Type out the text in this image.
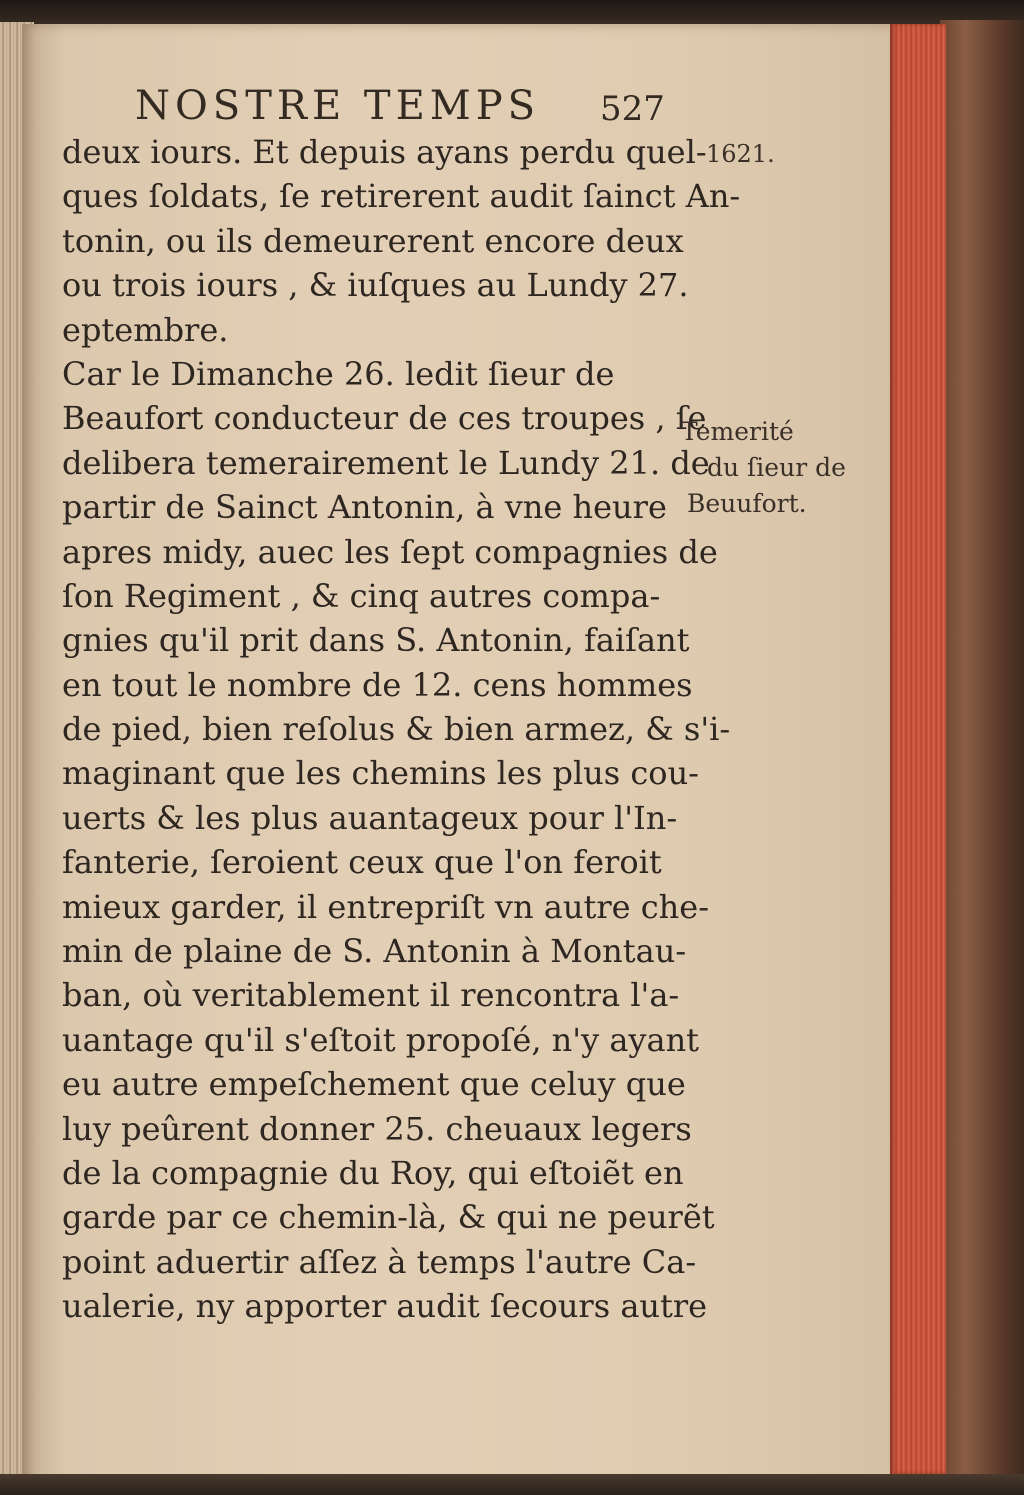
NOSTRE TEMPS 527
1621.
deux iours. Et depuis ayans perdu quel-
ques ſoldats, ſe retirerent audit ſainct An-
tonin, ou ils demeurerent encore deux
ou trois iours , & iuſques au Lundy 27.
eptembre.
Car le Dimanche 26. ledit ſieur de
Beaufort conducteur de ces troupes , ſe
delibera temerairement le Lundy 21. de
partir de Sainct Antonin, à vne heure
apres midy, auec les ſept compagnies de
ſon Regiment , & cinq autres compa-
gnies qu'il prit dans S. Antonin, faiſant
en tout le nombre de 12. cens hommes
de pied, bien reſolus & bien armez, & s'i-
maginant que les chemins les plus cou-
uerts & les plus auantageux pour l'In-
fanterie, ſeroient ceux que l'on feroit
mieux garder, il entrepriſt vn autre che-
min de plaine de S. Antonin à Montau-
ban, où veritablement il rencontra l'a-
uantage qu'il s'eſtoit propoſé, n'y ayant
eu autre empeſchement que celuy que
luy peûrent donner 25. cheuaux legers
de la compagnie du Roy, qui eſtoiẽt en
garde par ce chemin-là, & qui ne peurẽt
point aduertir aſſez à temps l'autre Ca-
ualerie, ny apporter audit ſecours autre
Temerité
du ſieur de
Beuufort.
